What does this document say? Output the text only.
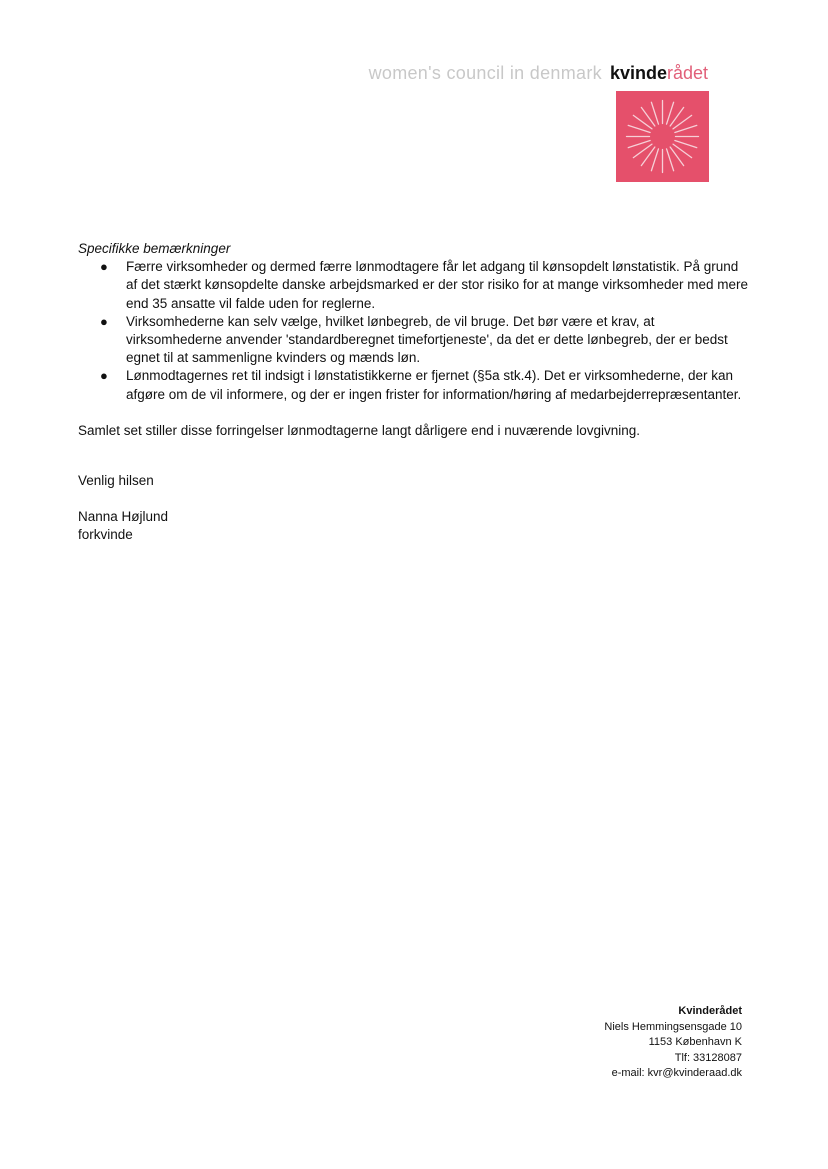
women's council in denmark kvinderådet

Specifikke bemærkninger

● Færre virksomheder og dermed færre lønmodtagere får let adgang til kønsopdelt lønstatistik. På grund af det stærkt kønsopdelte danske arbejdsmarked er der stor risiko for at mange virksomheder med mere end 35 ansatte vil falde uden for reglerne.
● Virksomhederne kan selv vælge, hvilket lønbegreb, de vil bruge. Det bør være et krav, at virksomhederne anvender 'standardberegnet timefortjeneste', da det er dette lønbegreb, der er bedst egnet til at sammenligne kvinders og mænds løn.
● Lønmodtagernes ret til indsigt i lønstatistikkerne er fjernet (§5a stk.4). Det er virksomhederne, der kan afgøre om de vil informere, og der er ingen frister for information/høring af medarbejderrepræsentanter.
Samlet set stiller disse forringelser lønmodtagerne langt dårligere end i nuværende lovgivning.
Venlig hilsen
Nanna Højlund
forkvinde
Kvinderådet
Niels Hemmingsensgade 10
1153 København K
Tlf: 33128087
e-mail: kvr@kvinderaad.dk
